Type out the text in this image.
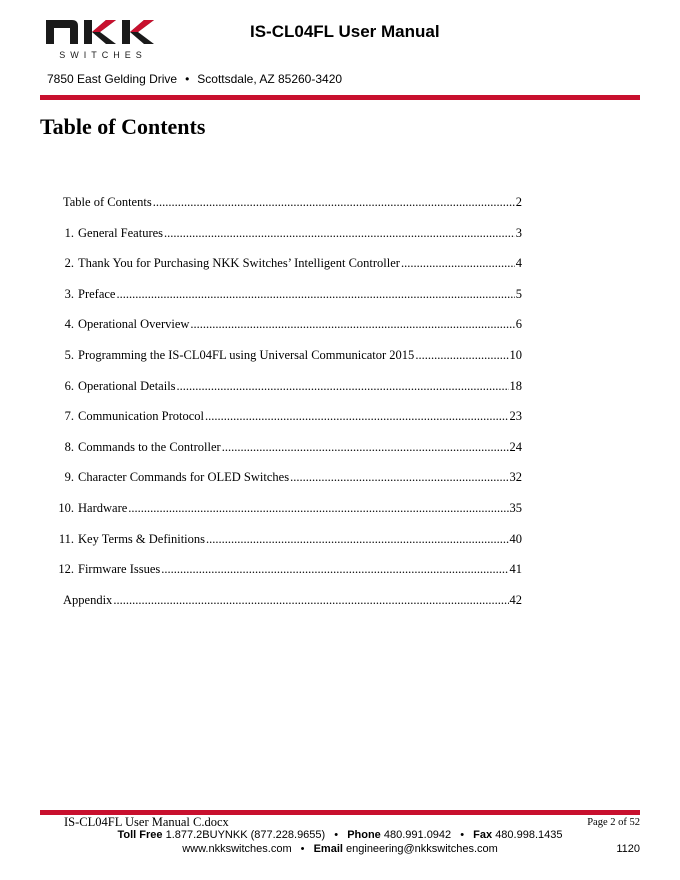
SWITCHES
IS-CL04FL User Manual
7850 East Gelding Drive • Scottsdale, AZ 85260-3420
Table of Contents
Table of Contents .....	2
1. General Features .....	3
2. Thank You for Purchasing NKK Switches’ Intelligent Controller .....	4
3. Preface .....	5
4. Operational Overview .....	6
5. Programming the IS-CL04FL using Universal Communicator 2015 .....	10
6. Operational Details .....	18
7. Communication Protocol .....	23
8. Commands to the Controller .....	24
9. Character Commands for OLED Switches .....	32
10. Hardware .....	35
11. Key Terms & Definitions .....	40
12. Firmware Issues .....	41
Appendix .....	42
IS-CL04FL User Manual C.docx	Page 2 of 52
Toll Free 1.877.2BUYNKK (877.228.9655) • Phone 480.991.0942 • Fax 480.998.1435
www.nkkswitches.com • Email engineering@nkkswitches.com	1120
